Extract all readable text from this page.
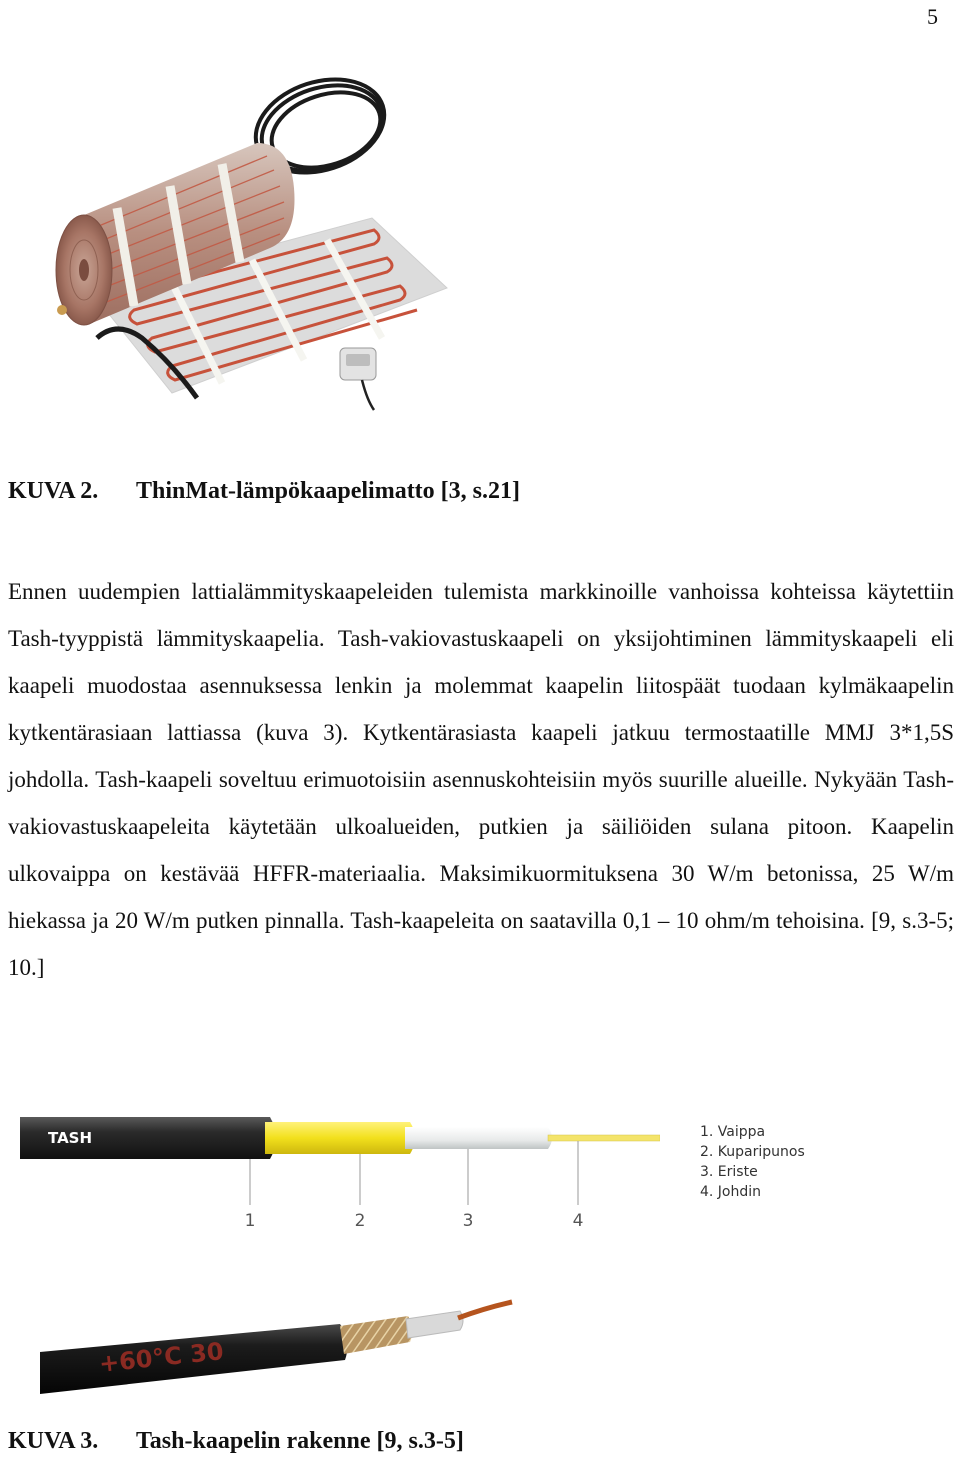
5
KUVA 2. ThinMat-lämpökaapelimatto [3, s.21]

Ennen uudempien lattialämmityskaapeleiden tulemista markkinoille vanhoissa kohteissa käytettiin Tash-tyyppistä lämmityskaapelia. Tash-vakiovastuskaapeli on yksijohtiminen lämmityskaapeli eli kaapeli muodostaa asennuksessa lenkin ja molemmat kaapelin liitospäät tuodaan kylmäkaapelin kytkentärasiaan lattiassa (kuva 3). Kytkentärasiasta kaapeli jatkuu termostaatille MMJ 3*1,5S johdolla. Tash-kaapeli soveltuu erimuotoisiin asennuskohteisiin myös suurille alueille. Nykyään Tash-vakiovastuskaapeleita käytetään ulkoalueiden, putkien ja säiliöiden sulana pitoon. Kaapelin ulkovaippa on kestävää HFFR-materiaalia. Maksimikuormituksena 30 W/m betonissa, 25 W/m hiekassa ja 20 W/m putken pinnalla. Tash-kaapeleita on saatavilla 0,1 – 10 ohm/m tehoisina. [9, s.3-5; 10.]

TASH
1	2	3	4
1. Vaippa
2. Kuparipunos
3. Eriste
4. Johdin
+60°C 30
KUVA 3. Tash-kaapelin rakenne [9, s.3-5]
